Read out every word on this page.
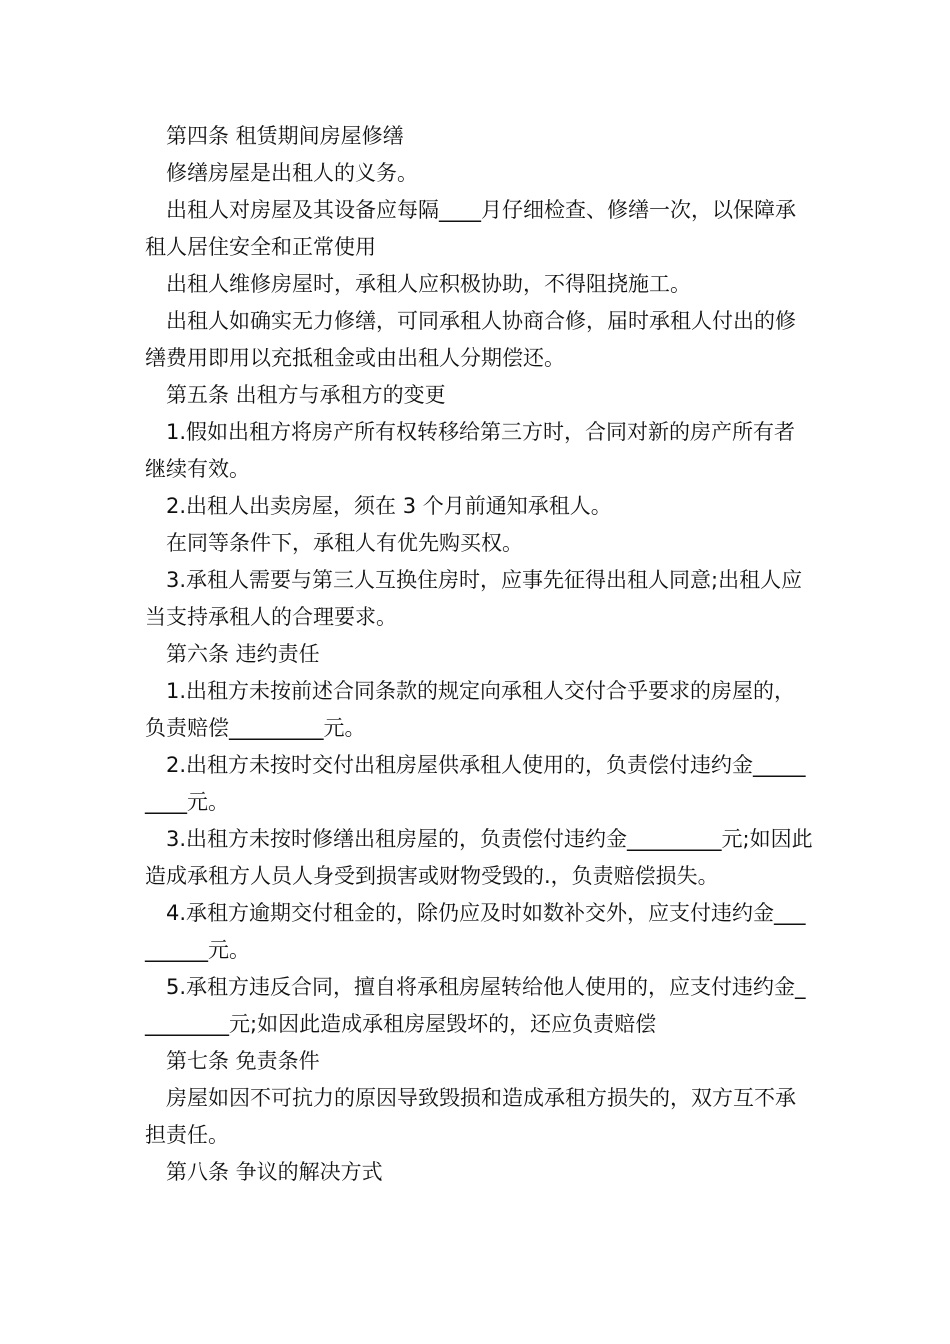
第四条 租赁期间房屋修缮

修缮房屋是出租人的义务。

出租人对房屋及其设备应每隔____月仔细检查、修缮一次，以保障承租人居住安全和正常使用

出租人维修房屋时，承租人应积极协助，不得阻挠施工。

出租人如确实无力修缮，可同承租人协商合修，届时承租人付出的修缮费用即用以充抵租金或由出租人分期偿还。

第五条 出租方与承租方的变更

1.假如出租方将房产所有权转移给第三方时，合同对新的房产所有者继续有效。

2.出租人出卖房屋，须在 3 个月前通知承租人。

在同等条件下，承租人有优先购买权。

3.承租人需要与第三人互换住房时，应事先征得出租人同意;出租人应当支持承租人的合理要求。

第六条 违约责任

1.出租方未按前述合同条款的规定向承租人交付合乎要求的房屋的，负责赔偿_________元。

2.出租方未按时交付出租房屋供承租人使用的，负责偿付违约金_________元。

3.出租方未按时修缮出租房屋的，负责偿付违约金_________元;如因此造成承租方人员人身受到损害或财物受毁的.，负责赔偿损失。

4.承租方逾期交付租金的，除仍应及时如数补交外，应支付违约金_________元。

5.承租方违反合同，擅自将承租房屋转给他人使用的，应支付违约金_________元;如因此造成承租房屋毁坏的，还应负责赔偿

第七条 免责条件

房屋如因不可抗力的原因导致毁损和造成承租方损失的，双方互不承担责任。

第八条 争议的解决方式
